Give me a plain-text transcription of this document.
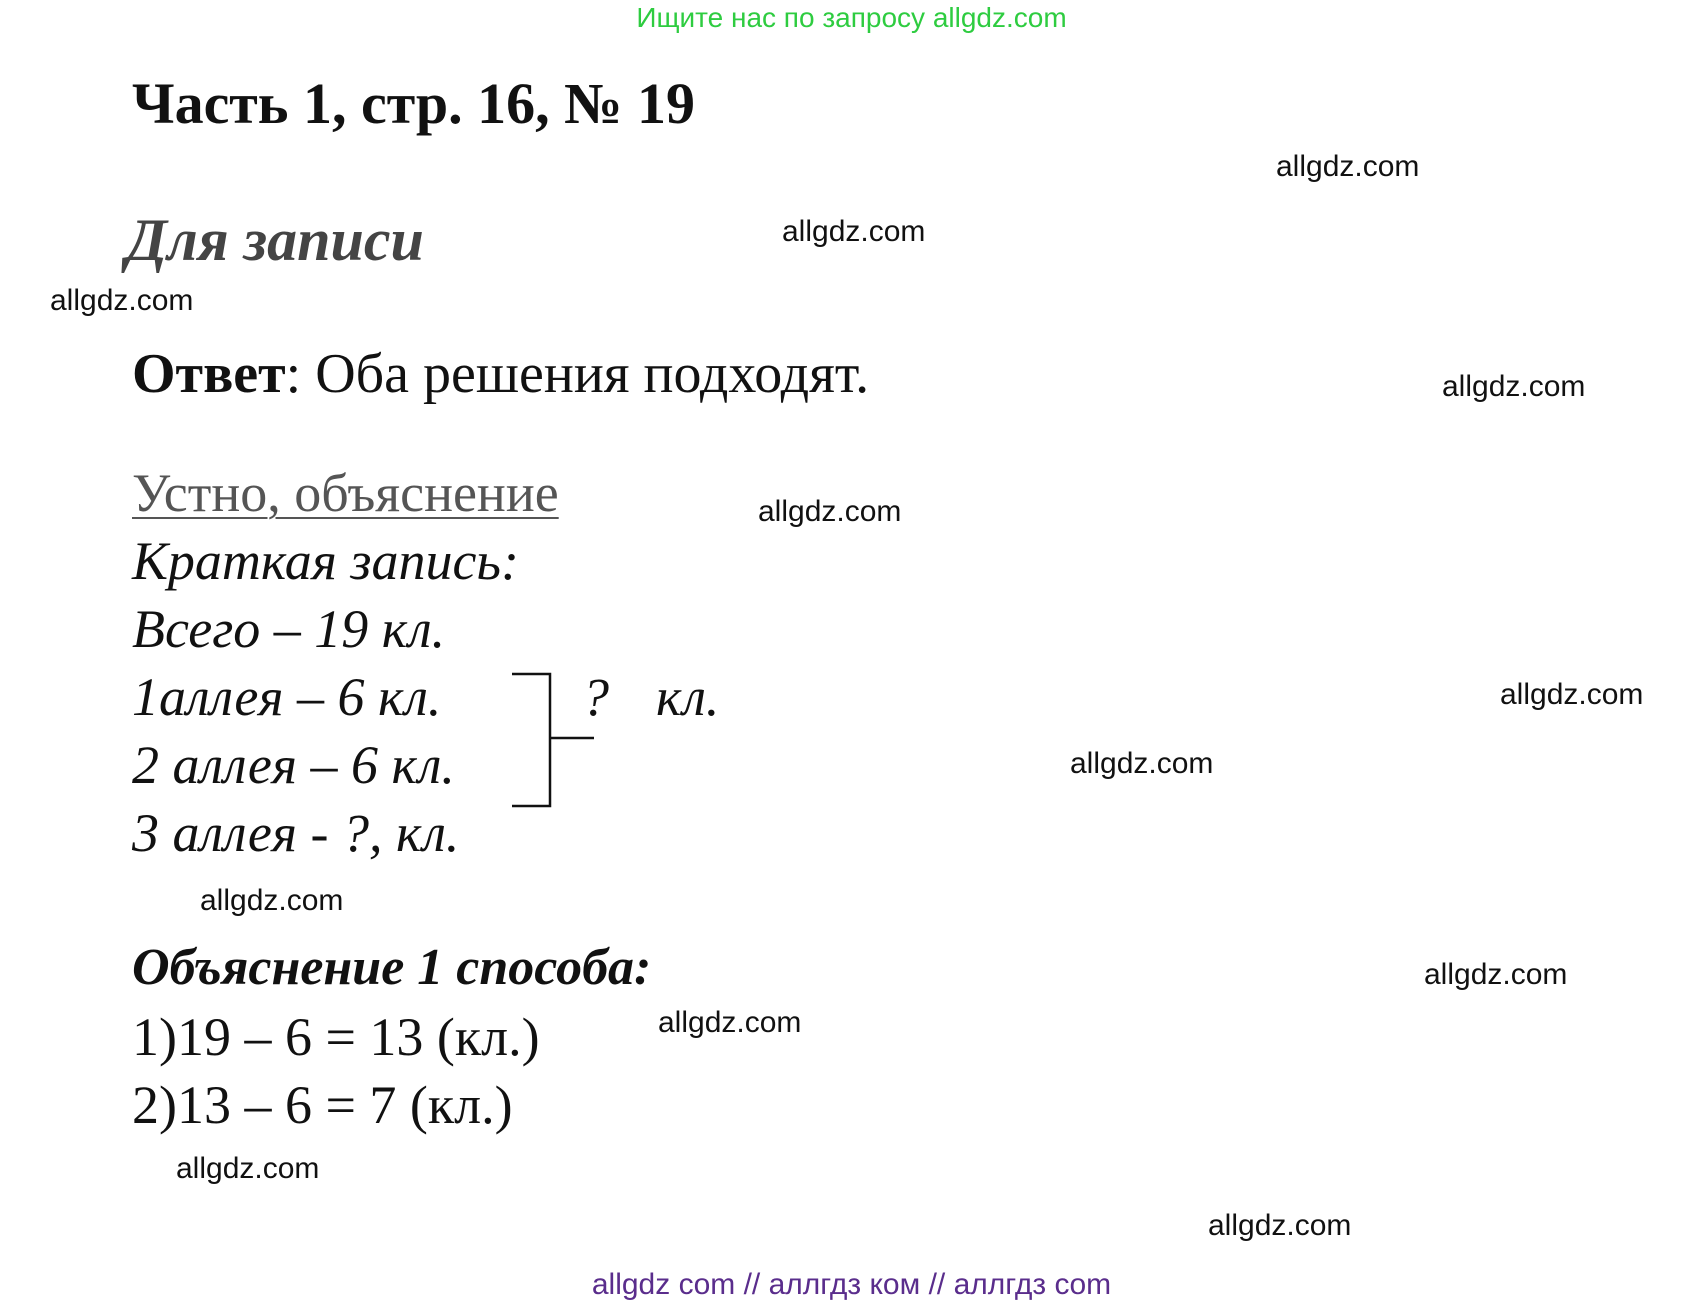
Ищите нас по запросу allgdz.com
Часть 1, стр. 16, № 19
Для записи
Ответ: Оба решения подходят.
Устно, объяснение
Краткая запись:
Всего – 19 кл.
1аллея – 6 кл.
2 аллея – 6 кл.
3 аллея - ?, кл.
? кл.
Объяснение 1 способа:
1)19 – 6 = 13 (кл.)
2)13 – 6 = 7 (кл.)
allgdz.com
allgdz.com
allgdz.com
allgdz.com
allgdz.com
allgdz.com
allgdz.com
allgdz.com
allgdz.com
allgdz.com
allgdz.com
allgdz.com
allgdz com // аллгдз ком // аллгдз com
